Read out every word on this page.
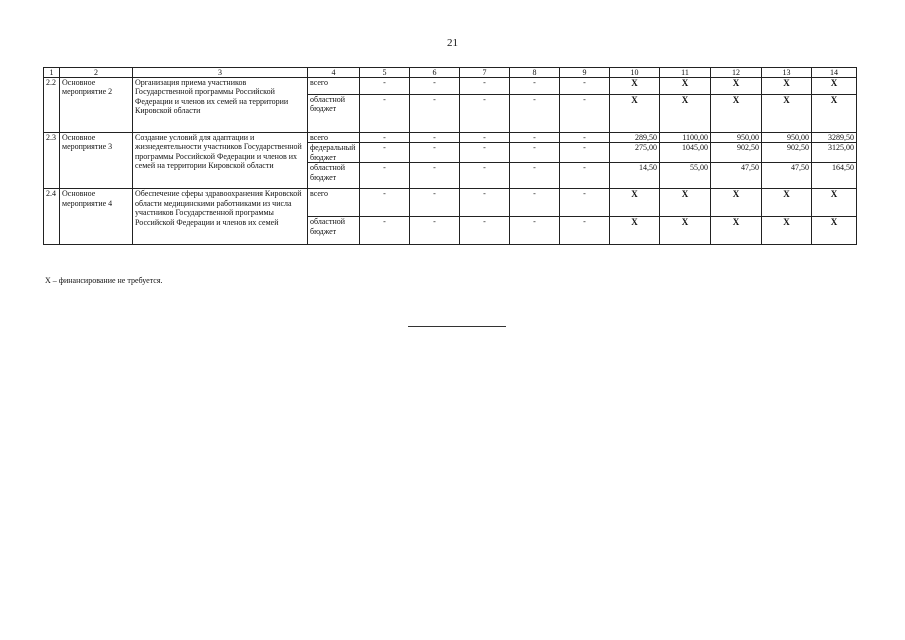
21
1	2	3	4	5	6	7	8	9	10	11	12	13	14
2.2	Основное мероприятие 2	Организация приема участников Государственной программы Российской Федерации и членов их семей на территории Кировской области	всего	-	-	-	-	-	X	X	X	X	X
			областной бюджет	-	-	-	-	-	X	X	X	X	X
2.3	Основное мероприятие 3	Создание условий для адаптации и жизнедеятельности участников Государственной программы Российской Федерации и членов их семей на территории Кировской области	всего	-	-	-	-	-	289,50	1100,00	950,00	950,00	3289,50
			федеральный бюджет	-	-	-	-	-	275,00	1045,00	902,50	902,50	3125,00
			областной бюджет	-	-	-	-	-	14,50	55,00	47,50	47,50	164,50
2.4	Основное мероприятие 4	Обеспечение сферы здравоохранения Кировской области медицинскими работниками из числа участников Государственной программы Российской Федерации и членов их семей	всего	-	-	-	-	-	X	X	X	X	X
			областной бюджет	-	-	-	-	-	X	X	X	X	X
Х – финансирование не требуется.
